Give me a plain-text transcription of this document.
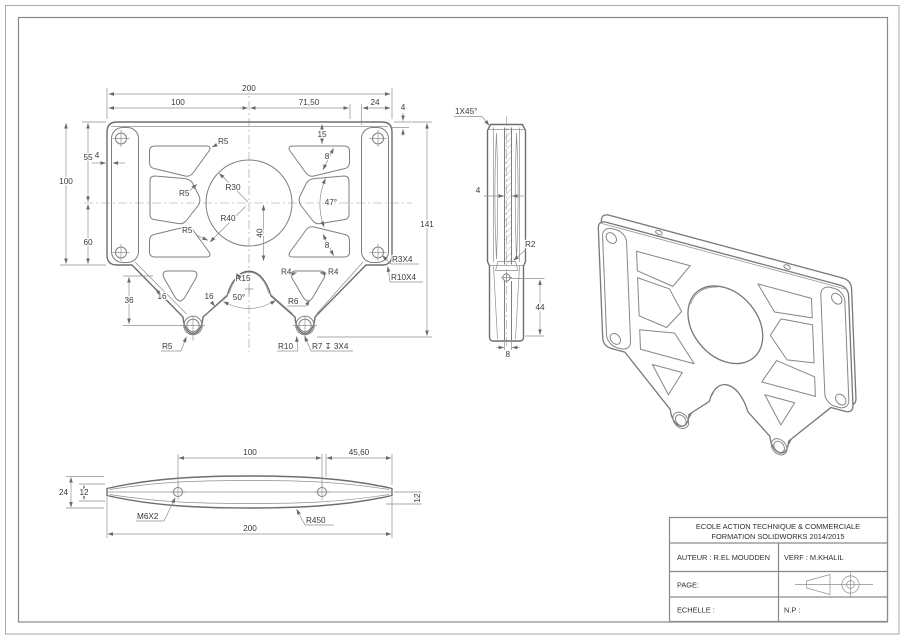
200
100	71,50	24
4
15
55
60
100
4
141
R30
R40
40
47°
8
8
36	16	16 50°
R15
R4	R4
R6
R5	R10 R7 ↧ 3X4
R3X4
R10X4
R5
R5
R5
1X45°
4
R2
44
8
100	45,60
24 12
12
M6X2	R450
200	ECOLE ACTION TECHNIQUE & COMMERCIALE
FORMATION SOLIDWORKS 2014/2015
AUTEUR : R.EL MOUDDEN VERF : M.KHALIL
PAGE:
ECHELLE :	N.P :
